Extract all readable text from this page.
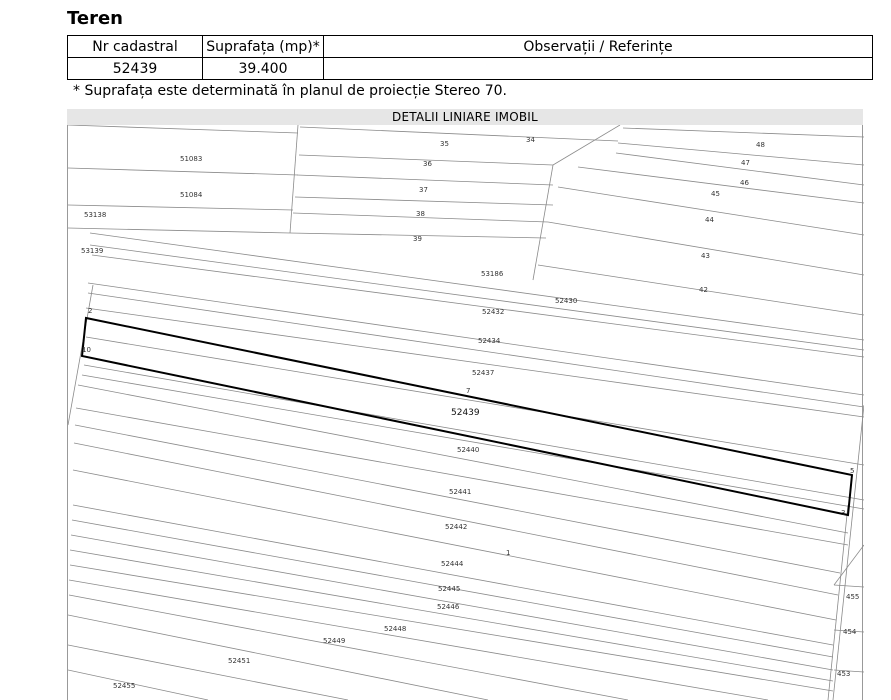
Teren
Nr cadastral	Suprafața (mp)*	Observații / Referințe
52439	39.400	
* Suprafața este determinată în planul de proiecție Stereo 70.
DETALII LINIARE IMOBIL
52439
2
10
7
5
3
1
35	34
48
51083
36	47
46
51084
37	45
53138	38
44
39
53139
43
53186
42
52430
52432
52434
52437
52440
52441
52442
52444
52445
52446
455
52448	454
52449
52451
453
52455
